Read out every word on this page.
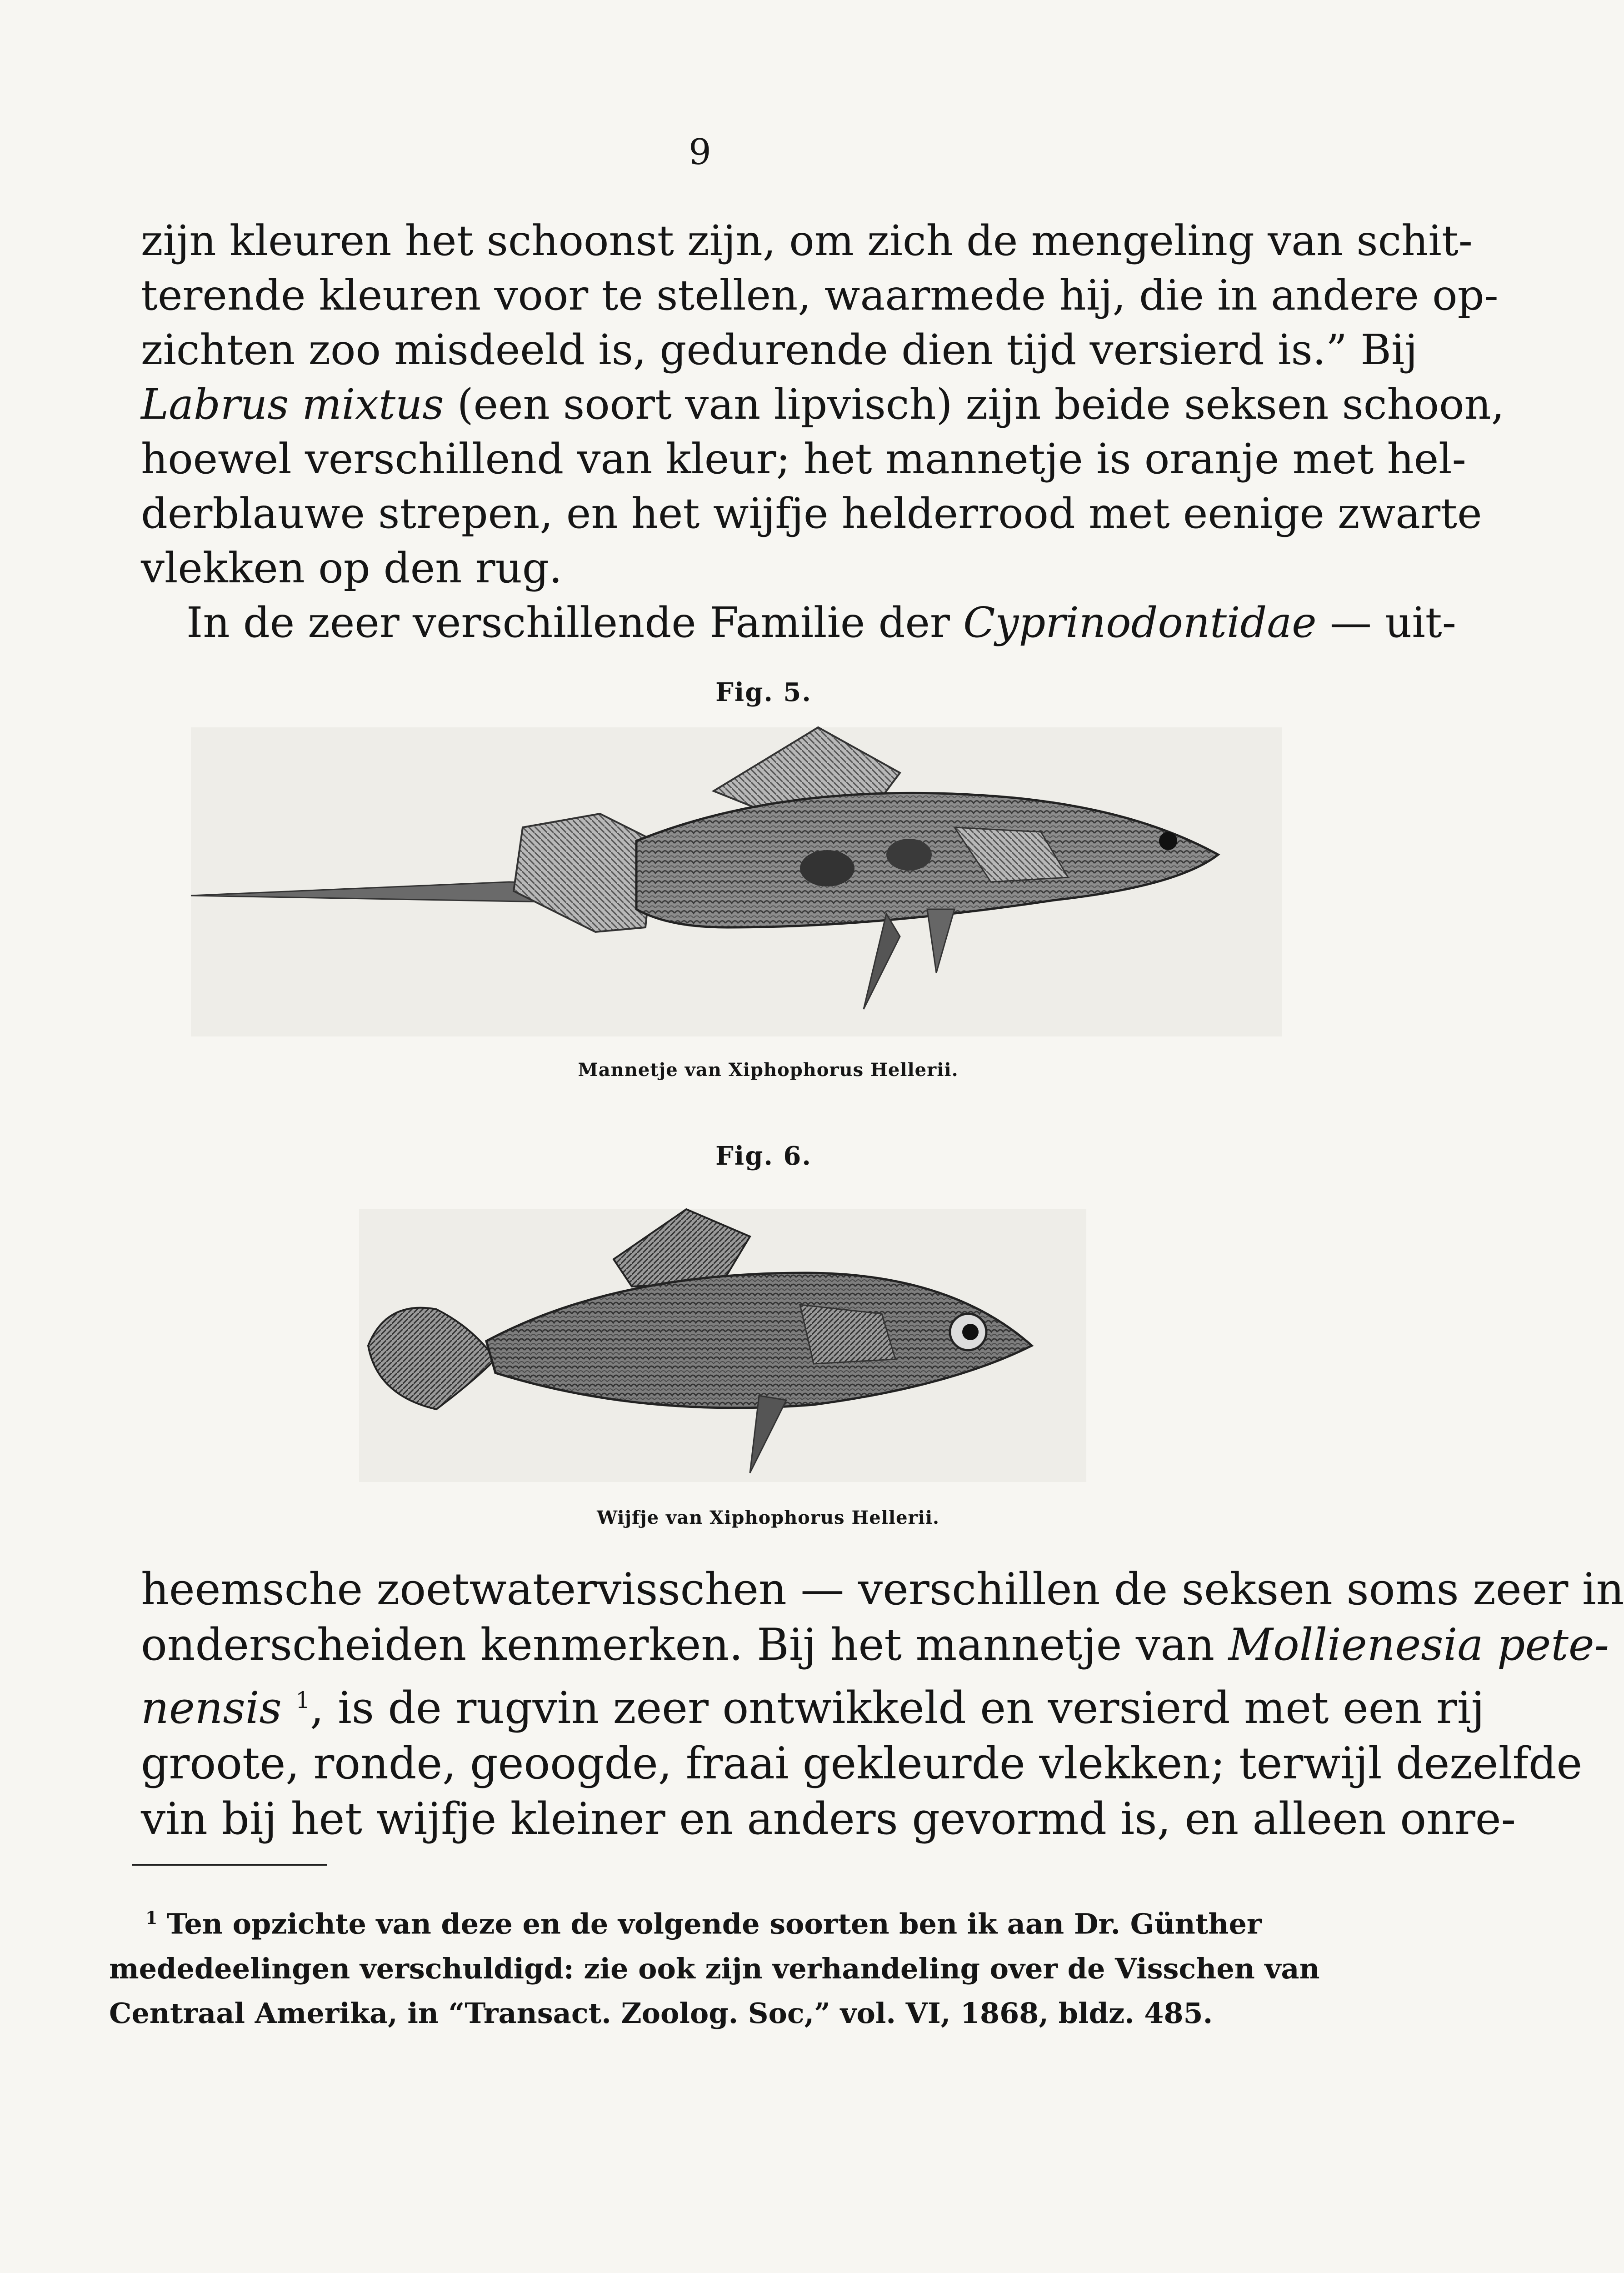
9

zijn kleuren het schoonst zijn, om zich de mengeling van schit-
terende kleuren voor te stellen, waarmede hij, die in andere op-
zichten zoo misdeeld is, gedurende dien tijd versierd is.” Bij
Labrus mixtus (een soort van lipvisch) zijn beide seksen schoon,
hoewel verschillend van kleur; het mannetje is oranje met hel-
derblauwe strepen, en het wijfje helderrood met eenige zwarte
vlekken op den rug.
In de zeer verschillende Familie der Cyprinodontidae — uit-

Fig. 5.
Mannetje van Xiphophorus Hellerii.
Fig. 6.
Wijfje van Xiphophorus Hellerii.

heemsche zoetwatervisschen — verschillen de seksen soms zeer in
onderscheiden kenmerken. Bij het mannetje van Mollienesia pete-
nensis $^1$, is de rugvin zeer ontwikkeld en versierd met een rij
groote, ronde, geoogde, fraai gekleurde vlekken; terwijl dezelfde
vin bij het wijfje kleiner en anders gevormd is, en alleen onre-

$^1$ Ten opzichte van deze en de volgende soorten ben ik aan Dr. Günther
mededeelingen verschuldigd: zie ook zijn verhandeling over de Visschen van
Centraal Amerika, in “Transact. Zoolog. Soc,” vol. VI, 1868, bldz. 485.
